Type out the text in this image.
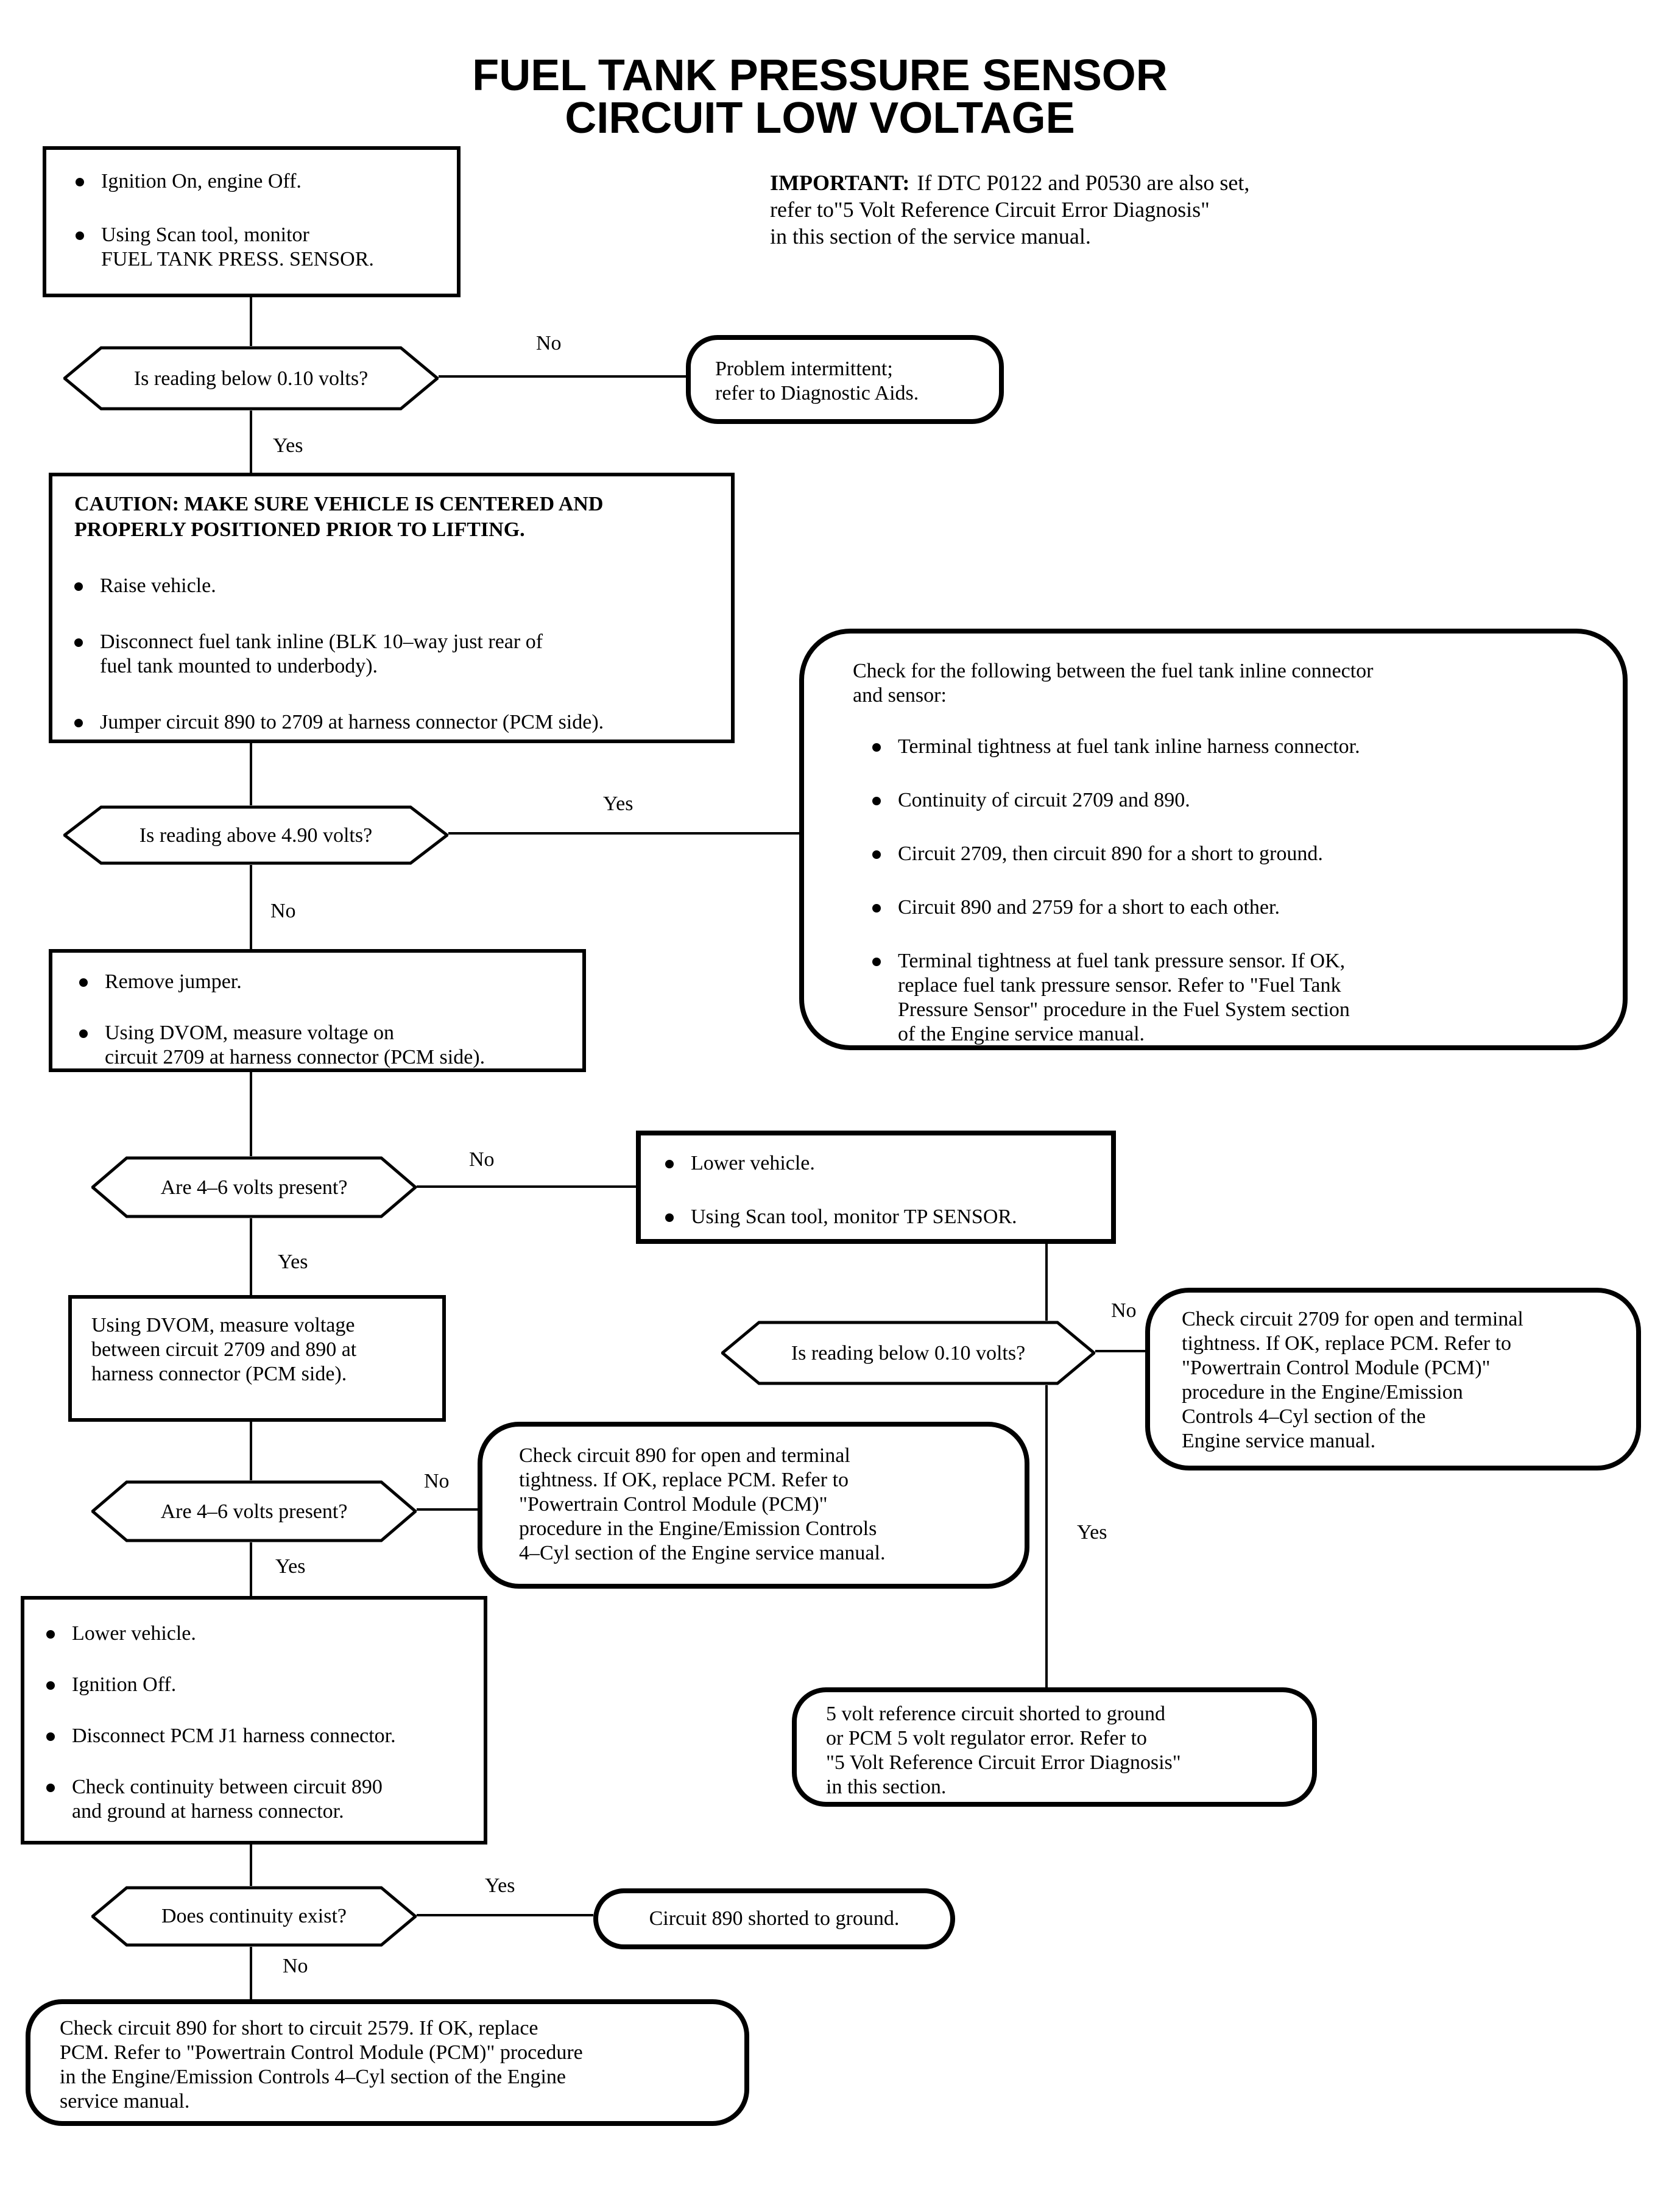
FUEL TANK PRESSURE SENSOR
CIRCUIT LOW VOLTAGE
IMPORTANT: If DTC P0122 and P0530 are also set,
refer to"5 Volt Reference Circuit Error Diagnosis"
in this section of the service manual.
No
Yes
Yes
No
No
Yes
No
Yes
No
Yes
Yes
No
Ignition On, engine Off.
Using Scan tool, monitor
FUEL TANK PRESS. SENSOR.
Is reading below 0.10 volts?	Problem intermittent;
refer to Diagnostic Aids.
CAUTION: MAKE SURE VEHICLE IS CENTERED AND
PROPERLY POSITIONED PRIOR TO LIFTING.
Raise vehicle.
Disconnect fuel tank inline (BLK 10–way just rear of
fuel tank mounted to underbody).
Jumper circuit 890 to 2709 at harness connector (PCM side).
Is reading above 4.90 volts?
Check for the following between the fuel tank inline connector
and sensor:
Terminal tightness at fuel tank inline harness connector.
Continuity of circuit 2709 and 890.
Circuit 2709, then circuit 890 for a short to ground.
Circuit 890 and 2759 for a short to each other.
Terminal tightness at fuel tank pressure sensor. If OK,
replace fuel tank pressure sensor. Refer to "Fuel Tank
Pressure Sensor" procedure in the Fuel System section
of the Engine service manual.
Remove jumper.
Using DVOM, measure voltage on
circuit 2709 at harness connector (PCM side).
Are 4–6 volts present?
Lower vehicle.
Using Scan tool, monitor TP SENSOR.
Using DVOM, measure voltage
between circuit 2709 and 890 at
harness connector (PCM side).
Is reading below 0.10 volts?
Check circuit 2709 for open and terminal
tightness. If OK, replace PCM. Refer to
"Powertrain Control Module (PCM)"
procedure in the Engine/Emission
Controls 4–Cyl section of the
Engine service manual.
Are 4–6 volts present?
Check circuit 890 for open and terminal
tightness. If OK, replace PCM. Refer to
"Powertrain Control Module (PCM)"
procedure in the Engine/Emission Controls
4–Cyl section of the Engine service manual.
Lower vehicle.
Ignition Off.
Disconnect PCM J1 harness connector.
Check continuity between circuit 890
and ground at harness connector.
5 volt reference circuit shorted to ground
or PCM 5 volt regulator error. Refer to
"5 Volt Reference Circuit Error Diagnosis"
in this section.
Does continuity exist?	Circuit 890 shorted to ground.
Check circuit 890 for short to circuit 2579. If OK, replace
PCM. Refer to "Powertrain Control Module (PCM)" procedure
in the Engine/Emission Controls 4–Cyl section of the Engine
service manual.
